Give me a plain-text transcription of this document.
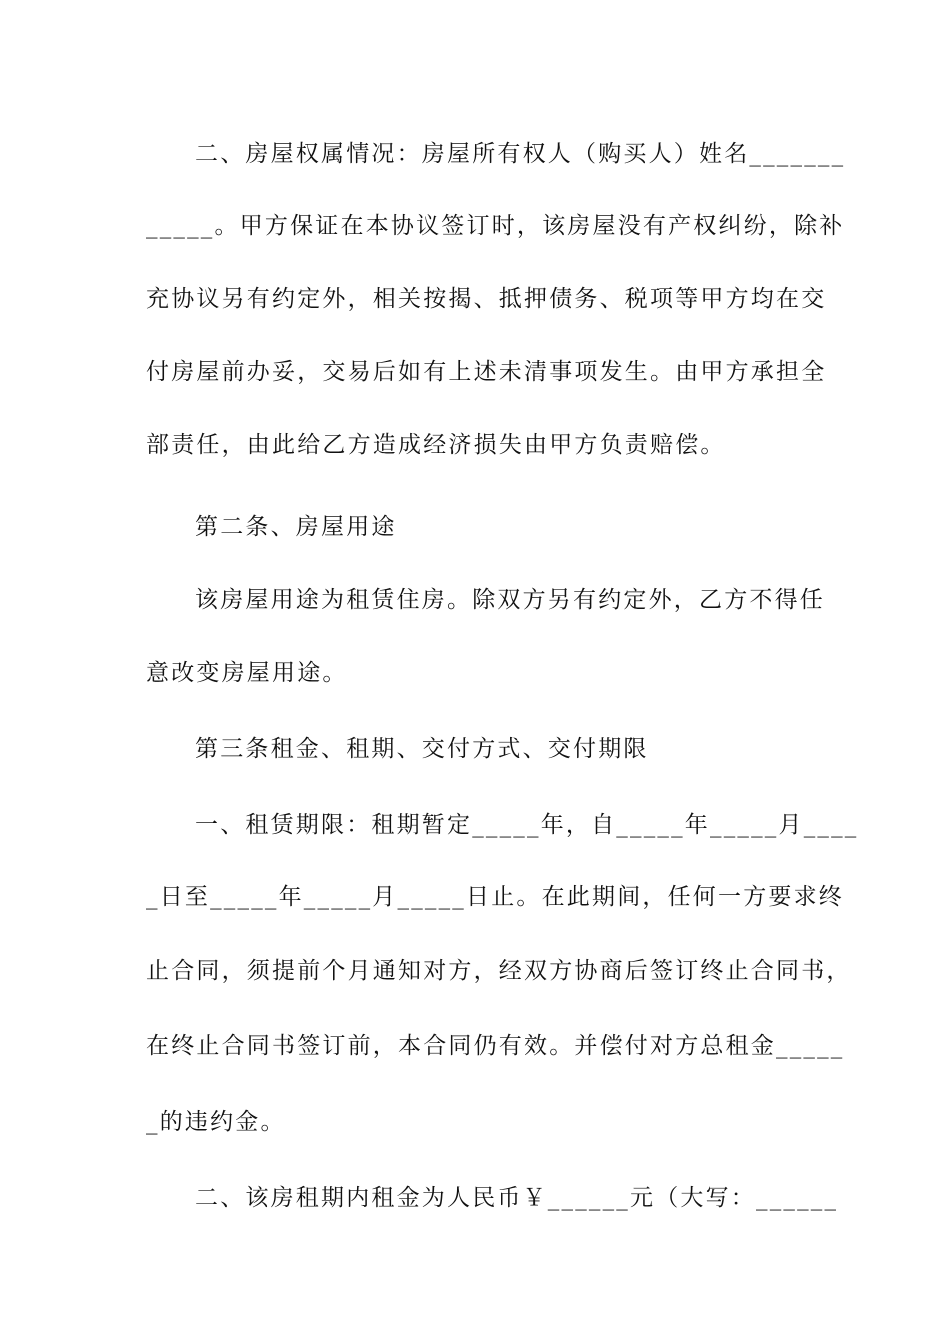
二、房屋权属情况：房屋所有权人（购买人）姓名_______
_____。甲方保证在本协议签订时，该房屋没有产权纠纷，除补
充协议另有约定外，相关按揭、抵押债务、税项等甲方均在交
付房屋前办妥，交易后如有上述未清事项发生。由甲方承担全
部责任，由此给乙方造成经济损失由甲方负责赔偿。
第二条、房屋用途
该房屋用途为租赁住房。除双方另有约定外，乙方不得任
意改变房屋用途。
第三条租金、租期、交付方式、交付期限
一、租赁期限：租期暂定_____年，自_____年_____月____
_日至_____年_____月_____日止。在此期间，任何一方要求终
止合同，须提前个月通知对方，经双方协商后签订终止合同书，
在终止合同书签订前，本合同仍有效。并偿付对方总租金_____
_的违约金。
二、该房租期内租金为人民币￥______元（大写：______
